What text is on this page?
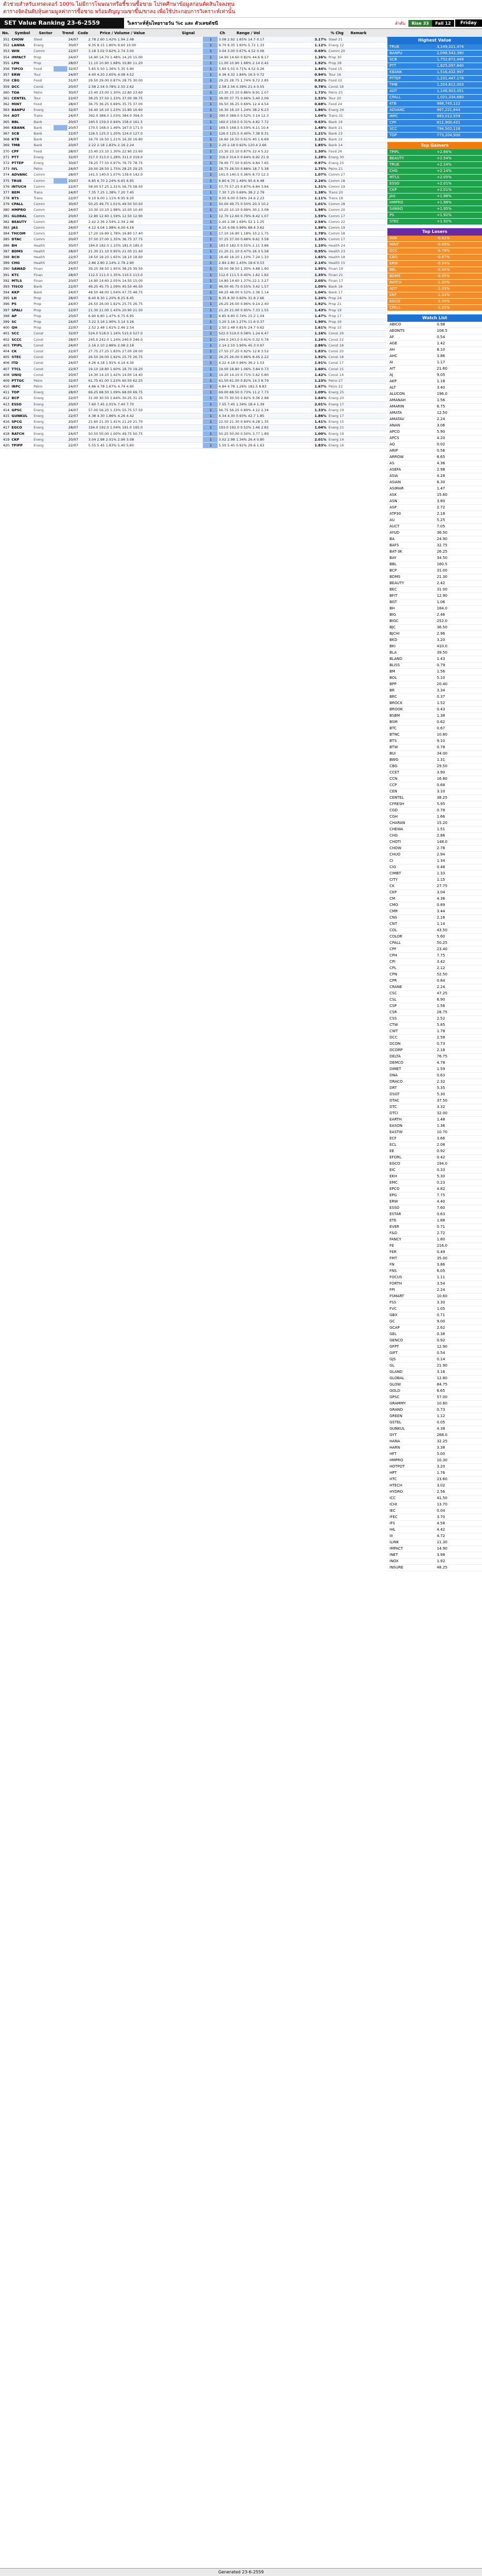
ตัวช่วยสำหรับเทรดเดอร์ 100% ไม่มีการโฆษณาหรือชี้ชวนซื้อขาย โปรดศึกษาข้อมูลก่อนตัดสินใจลงทุน

ตารางจัดอันดับหุ้นตามมูลค่าการซื้อขาย พร้อมสัญญาณขาขึ้น/ขาลง เพื่อใช้ประกอบการวิเคราะห์เท่านั้น

SET Value Ranking 23-6-2559	วิเคราะห์หุ้นไทยรายวัน %c และ ตัวเลขดัชนี	ลำดับ	Rise 33	Fall 12	Friday
No.	Symbol	Sector	Trend	Code	Price / Volume / Value	Signal	Ch	Range / Vol	% Chg	Remark
351 CHOW	Steel	24/07	2.78 2.60 1.42% 1.94 2.48	1	3.08 2.92 1.65% 14.7 0.17	3.17% Steel 21
352 LANNA	Energ	30/07	9.35 9.15 1.80% 9.60 10.00	1	9.70 9.35 1.60% 5.72 1.33	1.12% Energ 12
353 WIN	Comm	22/07	3.18 3.02 0.62% 2.74 3.00	1	3.04 3.00 0.67% 4.52 0.06	0.69% Comm 20
354 IMPACT	Prop	24/07	14.90 14.70 1.48% 14.20 15.00	1	14.90 14.60 0.82% 44.6 8.17	1.36% Prop 30
355 LPN	Prop	28/07	11.10 10.90 1.68% 10.80 11.20	1	11.00 10.90 1.68% 2.14 0.42	1.92% Prop 28
356 TIPCO	Food	32/07	5.65 5.50 1.36% 5.35 5.90	1	5.60 5.55 0.71% 4.52 0.26	1.44% Food 15
357 ERW	Tour	24/07	4.40 4.20 2.65% 4.08 4.52	1	4.36 4.32 1.84% 16.5 0.72	0.94% Tour 16
358 CBG	Food	31/07	29.50 29.00 0.87% 28.75 30.00	1	29.25 28.75 1.74% 9.72 2.85	0.82% Food 22
359 DCC	Const	20/07	2.58 2.54 0.78% 2.50 2.62	1	2.58 2.56 0.39% 21.4 0.55	0.78% Const 18
360 TOA	Petro	30/07	23.40 23.00 1.30% 22.80 23.60	1	23.30 23.10 0.86% 8.91 2.07	1.73% Petro 25
361 CENTEL	Tour	22/07	38.25 37.50 1.33% 37.00 38.75	1	38.00 37.75 0.66% 5.40 2.06	1.53% Tour 20
362 MINT	Food	28/07	36.75 36.25 0.69% 35.75 37.00	1	36.50 36.25 0.69% 12.4 4.54	0.68% Food 24
363 BANPU	Energ	32/07	16.40 16.10 1.23% 15.80 16.60	1	16.30 16.10 1.24% 38.2 6.23	1.86% Energ 26
364 AOT	Trans	24/07	392.0 388.0 1.03% 384.0 394.0	1	390.0 388.0 0.52% 3.14 12.3	1.04% Trans 31
365 BBL	Bank	20/07	160.5 159.0 0.94% 158.0 161.5	1	160.0 159.5 0.31% 4.82 7.72	0.63% Bank 19
366 KBANK	Bank	20/07	170.5 168.0 1.49% 167.0 171.0	1	169.5 168.5 0.59% 6.11 10.4	1.48% Bank 21
367 SCB	Bank	22/07	126.5 125.0 1.20% 124.0 127.0	1	126.0 125.5 0.40% 7.38 9.31	1.21% Bank 23
368 KTB	Bank	24/07	16.70 16.50 1.21% 16.30 16.80	1	16.60 16.50 0.61% 40.1 6.69	1.22% Bank 22
369 TMB	Bank	20/07	2.22 2.18 1.83% 2.16 2.24	1	2.20 2.18 0.92% 120.4 2.66	1.85% Bank 14
370 CPF	Food	28/07	23.40 23.10 1.30% 22.90 23.60	1	23.30 23.10 0.87% 22.4 5.22	1.30% Food 26
371 PTT	Energ	32/07	317.0 313.0 1.28% 311.0 319.0	1	316.0 314.0 0.64% 6.92 21.9	1.28% Energ 30
372 PTTEP	Energ	30/07	78.25 77.50 0.97% 76.75 78.75	1	78.00 77.50 0.65% 9.84 7.65	0.97% Energ 25
373 IVL	Petro	24/07	29.00 28.50 1.75% 28.25 29.25	1	28.75 28.50 0.88% 18.7 5.38	1.75% Petro 21
374 ADVANC	Comm	28/07	141.5 140.0 1.07% 139.0 142.0	1	141.0 140.5 0.36% 8.73 12.3	1.07% Comm 27
375 TRUE	Comm	20/07	6.85 6.70 2.24% 6.65 6.95	1	6.80 6.70 1.49% 95.6 6.48	2.24% Comm 18
376 INTUCH	Comm	22/07	58.00 57.25 1.31% 56.75 58.50	1	57.75 57.25 0.87% 6.84 3.94	1.31% Comm 19
377 BEM	Trans	24/07	7.35 7.25 1.38% 7.20 7.45	1	7.30 7.25 0.69% 38.2 2.79	1.38% Trans 20
378 BTS	Trans	22/07	9.10 9.00 1.11% 8.95 9.20	1	9.05 9.00 0.56% 24.6 2.23	1.11% Trans 18
379 CPALL	Comm	30/07	50.25 49.75 1.01% 49.50 50.50	1	50.00 49.75 0.50% 20.3 10.2	1.01% Comm 28
380 HMPRO	Comm	24/07	10.30 10.10 1.98% 10.00 10.40	1	10.20 10.10 0.99% 30.1 3.08	1.98% Comm 20
381 GLOBAL	Comm	20/07	12.80 12.60 1.59% 12.50 12.90	1	12.70 12.60 0.79% 8.42 1.07	1.59% Comm 17
382 BEAUTY	Comm	28/07	2.42 2.36 2.54% 2.34 2.46	1	2.40 2.38 1.69% 52.1 1.25	2.54% Comm 22
383 JAS	Comm	24/07	4.12 4.04 1.98% 4.00 4.16	1	4.10 4.06 0.99% 88.4 3.62	1.98% Comm 19
384 THCOM	Comm	22/07	17.20 16.90 1.78% 16.80 17.40	1	17.10 16.90 1.18% 10.2 1.75	1.78% Comm 18
385 DTAC	Comm	20/07	37.50 37.00 1.35% 36.75 37.75	1	37.25 37.00 0.68% 9.61 3.58	1.35% Comm 17
386 BH	Health	30/07	184.0 182.0 1.10% 181.0 185.0	1	183.0 182.0 0.55% 2.11 3.86	1.10% Health 24
387 BDMS	Health	28/07	21.30 21.10 0.95% 21.00 21.40	1	21.20 21.10 0.47% 26.3 5.58	0.95% Health 23
388 BCH	Health	22/07	18.50 18.20 1.65% 18.10 18.60	1	18.40 18.20 1.10% 7.24 1.33	1.65% Health 18
389 CHG	Health	20/07	2.86 2.80 2.14% 2.78 2.90	1	2.84 2.80 1.43% 18.6 0.53	2.14% Health 15
390 SAWAD	Finan	24/07	39.25 38.50 1.95% 38.25 39.50	1	39.00 38.50 1.30% 4.88 1.90	1.95% Finan 19
391 KTC	Finan	28/07	112.5 111.0 1.35% 110.5 113.0	1	112.0 111.5 0.45% 1.62 1.82	1.35% Finan 21
392 MTLS	Finan	20/07	14.90 14.60 2.05% 14.50 15.00	1	14.80 14.60 1.37% 22.1 3.27	2.05% Finan 17
393 TISCO	Bank	22/07	46.25 45.75 1.09% 45.50 46.50	1	46.00 45.75 0.55% 3.42 1.57	1.09% Bank 18
394 KKP	Bank	24/07	48.50 48.00 1.04% 47.75 48.75	1	48.25 48.00 0.52% 2.36 1.14	1.04% Bank 17
395 LH	Prop	28/07	8.40 8.30 1.20% 8.25 8.45	1	8.35 8.30 0.60% 31.8 2.66	1.20% Prop 24
396 PS	Prop	24/07	26.50 26.00 1.92% 25.75 26.75	1	26.25 26.00 0.96% 9.14 2.40	1.92% Prop 21
397 SPALI	Prop	22/07	21.30 21.00 1.43% 20.90 21.50	1	21.20 21.00 0.95% 7.33 1.55	1.43% Prop 19
398 AP	Prop	20/07	6.90 6.80 1.47% 6.75 6.95	1	6.85 6.80 0.74% 15.2 1.04	1.47% Prop 17
399 SC	Prop	24/07	3.22 3.16 1.90% 3.14 3.26	1	3.20 3.16 1.27% 11.6 0.37	1.90% Prop 16
400 QH	Prop	22/07	2.52 2.48 1.61% 2.46 2.54	1	2.50 2.48 0.81% 24.7 0.62	1.61% Prop 15
401 SCC	Const	32/07	524.0 518.0 1.16% 515.0 527.0	1	522.0 519.0 0.58% 1.24 6.47	1.16% Const 29
402 SCCC	Const	28/07	245.0 242.0 1.24% 240.0 246.0	1	244.0 243.0 0.41% 0.32 0.78	1.24% Const 22
403 TPIPL	Const	24/07	2.16 2.10 2.86% 2.08 2.18	1	2.14 2.10 1.90% 45.3 0.97	2.86% Const 18
404 CK	Const	22/07	27.75 27.25 1.83% 27.00 28.00	1	27.50 27.25 0.92% 12.8 3.52	1.83% Const 20
405 STEC	Const	20/07	26.50 26.00 1.92% 25.75 26.75	1	26.25 26.00 0.96% 8.45 2.22	1.92% Const 18
406 ITD	Const	24/07	4.26 4.18 1.91% 4.14 4.30	1	4.22 4.18 0.96% 36.2 1.53	1.91% Const 17
407 TTCL	Const	22/07	19.10 18.80 1.60% 18.70 19.20	1	19.00 18.80 1.06% 3.84 0.73	1.60% Const 15
408 UNIQ	Const	20/07	14.30 14.10 1.42% 14.00 14.40	1	14.20 14.10 0.71% 5.62 0.80	1.42% Const 14
409 PTTGC	Petro	32/07	61.75 61.00 1.23% 60.50 62.25	1	61.50 61.00 0.82% 14.3 8.79	1.23% Petro 27
410 IRPC	Petro	24/07	4.86 4.78 1.67% 4.74 4.90	1	4.84 4.78 1.26% 182.5 8.83	1.67% Petro 22
411 TOP	Energ	28/07	69.25 68.50 1.09% 68.00 69.75	1	69.00 68.50 0.73% 11.2 7.73	1.09% Energ 25
412 BCP	Energ	22/07	31.00 30.50 1.64% 30.25 31.25	1	30.75 30.50 0.82% 9.36 2.88	1.64% Energ 20
413 ESSO	Energ	20/07	7.60 7.45 2.01% 7.40 7.70	1	7.55 7.45 1.34% 18.4 1.39	2.01% Energ 17
414 GPSC	Energ	24/07	57.00 56.25 1.33% 55.75 57.50	1	56.75 56.25 0.89% 4.12 2.34	1.33% Energ 19
415 GUNKUL	Energ	22/07	4.38 4.30 1.86% 4.26 4.42	1	4.34 4.30 0.93% 42.7 1.85	1.86% Energ 17
416 SPCG	Energ	20/07	21.60 21.30 1.41% 21.20 21.70	1	21.50 21.30 0.94% 6.28 1.35	1.41% Energ 15
417 EGCO	Energ	28/07	194.0 192.0 1.04% 191.0 195.0	1	193.0 192.0 0.52% 1.46 2.82	1.04% Energ 21
418 RATCH	Energ	24/07	50.50 50.00 1.00% 49.75 50.75	1	50.25 50.00 0.50% 3.77 1.89	1.00% Energ 19
419 CKP	Energ	20/07	3.04 2.98 2.01% 2.96 3.08	1	3.02 2.98 1.34% 26.4 0.80	2.01% Energ 14
420 TPIPP	Energ	22/07	5.55 5.45 1.83% 5.40 5.60	1	5.50 5.45 0.92% 29.6 1.63	1.83% Energ 16
Highest Value
TRUE	3,149,321,474
BANPU	2,098,543,390
SCB	1,752,672,449
PTT	1,625,097,840
KBANK	1,516,432,907
PTTEP	1,231,447,178
TMB	1,204,812,003
AOT	1,148,903,451
CPALL	1,021,334,680
KTB	988,745,122
ADVANC	967,221,844
IRPC	883,012,559
CPF	811,900,431
SCC	794,502,116
TOP	773,204,900
Top Gainers
TPIPL	+2.86%
BEAUTY	+2.54%
TRUE	+2.24%
CHG	+2.14%
MTLS	+2.05%
ESSO	+2.01%
CKP	+2.01%
JAS	+1.98%
HMPRO	+1.98%
SAWAD	+1.95%
PS	+1.92%
STEC	+1.92%
Top Losers
WIN	-0.62%
MINT	-0.69%
DCC	-0.78%
CBG	-0.87%
ERW	-0.94%
BBL	-0.94%
BDMS	-0.95%
RATCH	-1.00%
AOT	-1.03%
KKP	-1.04%
EGCO	-1.04%
CPALL	-1.01%
Watch List
ABICO	0.98
AEONTS	108.5
AF	0.54
AGE	1.42
AH	8.10
AHC	3.86
AI	1.17
AIT	21.60
AJ	9.05
AKP	1.18
ALT	3.40
ALUCON	196.0
AMANAH	1.56
AMARIN	6.75
AMATA	12.50
AMATAV	2.24
ANAN	3.06
APCO	5.90
APCS	4.20
AQ	0.02
ARIP	0.56
ARROW	8.65
AS	4.36
ASEFA	2.98
ASIA	4.28
ASIAN	6.30
ASIMAR	1.47
ASK	15.60
ASN	3.80
ASP	2.72
ATP30	2.18
AU	5.25
AUCT	7.05
AYUD	36.50
BA	24.90
BAFS	32.75
BAT-3K	26.25
BAY	34.50
BBL	160.5
BCP	31.00
BDMS	21.30
BEAUTY	2.42
BEC	31.00
BFIT	12.90
BGT	1.06
BH	184.0
BIG	2.46
BIGC	252.0
BJC	36.50
BJCHI	2.96
BKD	3.20
BKI	410.0
BLA	39.50
BLAND	1.43
BLISS	0.79
BM	1.56
BOL	5.10
BPP	20.40
BR	3.34
BRC	0.37
BROCK	1.52
BROOK	0.43
BSBM	1.38
BSM	0.62
BTC	0.67
BTNC	10.80
BTS	9.10
BTW	0.78
BUI	34.00
BWG	1.31
CBG	29.50
CCET	3.90
CCN	16.80
CCP	0.68
CEN	3.10
CENTEL	38.25
CFRESH	5.95
CGD	0.78
CGH	1.66
CHARAN	15.20
CHEWA	1.51
CHG	2.86
CHOTI	148.0
CHOW	2.78
CHUO	2.94
CI	1.34
CIG	0.48
CIMBT	1.33
CITY	1.15
CK	27.75
CKP	3.04
CM	4.36
CMO	0.89
CMR	3.44
CNS	2.16
CNT	1.14
COL	43.50
COLOR	5.60
CPALL	50.25
CPF	23.40
CPH	7.75
CPI	3.42
CPL	2.12
CPN	52.50
CPR	0.84
CRANE	2.24
CSC	47.25
CSL	6.90
CSP	1.56
CSR	28.75
CSS	2.52
CTW	5.85
CWT	1.78
DCC	2.58
DCON	0.73
DCORP	2.18
DELTA	76.75
DEMCO	4.78
DIMET	1.59
DNA	0.63
DRACO	2.32
DRT	5.35
DSGT	5.30
DTAC	37.50
DTC	3.32
DTCI	32.00
EARTH	1.48
EASON	1.36
EASTW	10.70
ECF	3.66
ECL	2.08
EE	0.92
EFORL	0.42
EGCO	194.0
EIC	0.33
EKH	5.30
EMC	0.23
EPCO	4.82
EPG	7.75
ERW	4.40
ESSO	7.60
ESTAR	0.63
ETE	1.88
EVER	0.71
F&D	2.72
FANCY	1.80
FE	216.0
FER	0.49
FMT	35.00
FN	3.86
FNS	6.05
FOCUS	1.11
FORTH	3.54
FPI	2.24
FSMART	10.60
FSS	3.30
FVC	1.05
GBX	0.71
GC	9.00
GCAP	2.62
GEL	0.38
GENCO	0.92
GFPT	12.90
GIFT	0.54
GJS	0.14
GL	21.90
GLAND	3.16
GLOBAL	12.80
GLOW	84.75
GOLD	6.65
GPSC	57.00
GRAMMY	10.80
GRAND	0.73
GREEN	1.12
GSTEL	0.05
GUNKUL	4.38
GYT	268.0
HANA	32.25
HARN	3.38
HFT	5.00
HMPRO	10.30
HOTPOT	3.20
HPT	1.76
HTC	23.60
HTECH	3.02
HYDRO	2.56
ICC	41.50
ICHI	13.70
IEC	0.04
IFEC	3.70
IFS	4.58
IHL	4.42
III	4.72
ILINK	11.30
IMPACT	14.90
INET	3.98
INOX	1.92
INSURE	48.25
Generated 23-6-2559
